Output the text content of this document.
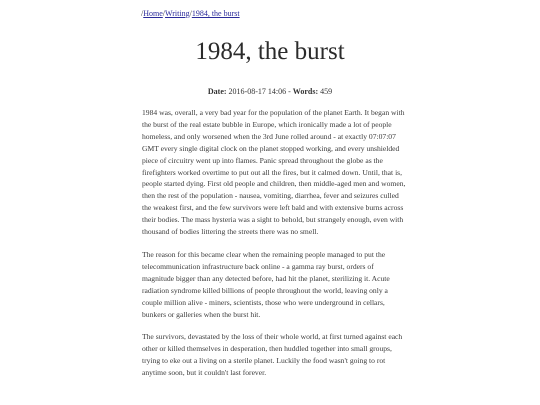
/Home/Writing/1984, the burst
1984, the burst
Date: 2016-08-17 14:06 - Words: 459

1984 was, overall, a very bad year for the population of the planet Earth. It began with the burst of the real estate bubble in Europe, which ironically made a lot of people homeless, and only worsened when the 3rd June rolled around - at exactly 07:07:07 GMT every single digital clock on the planet stopped working, and every unshielded piece of circuitry went up into flames. Panic spread throughout the globe as the firefighters worked overtime to put out all the fires, but it calmed down. Until, that is, people started dying. First old people and children, then middle-aged men and women, then the rest of the population - nausea, vomiting, diarrhea, fever and seizures culled the weakest first, and the few survivors were left bald and with extensive burns across their bodies. The mass hysteria was a sight to behold, but strangely enough, even with thousand of bodies littering the streets there was no smell.

The reason for this became clear when the remaining people managed to put the telecommunication infrastructure back online - a gamma ray burst, orders of magnitude bigger than any detected before, had hit the planet, sterilizing it. Acute radiation syndrome killed billions of people throughout the world, leaving only a couple million alive - miners, scientists, those who were underground in cellars, bunkers or galleries when the burst hit.

The survivors, devastated by the loss of their whole world, at first turned against each other or killed themselves in desperation, then huddled together into small groups, trying to eke out a living on a sterile planet. Luckily the food wasn't going to rot anytime soon, but it couldn't last forever.
